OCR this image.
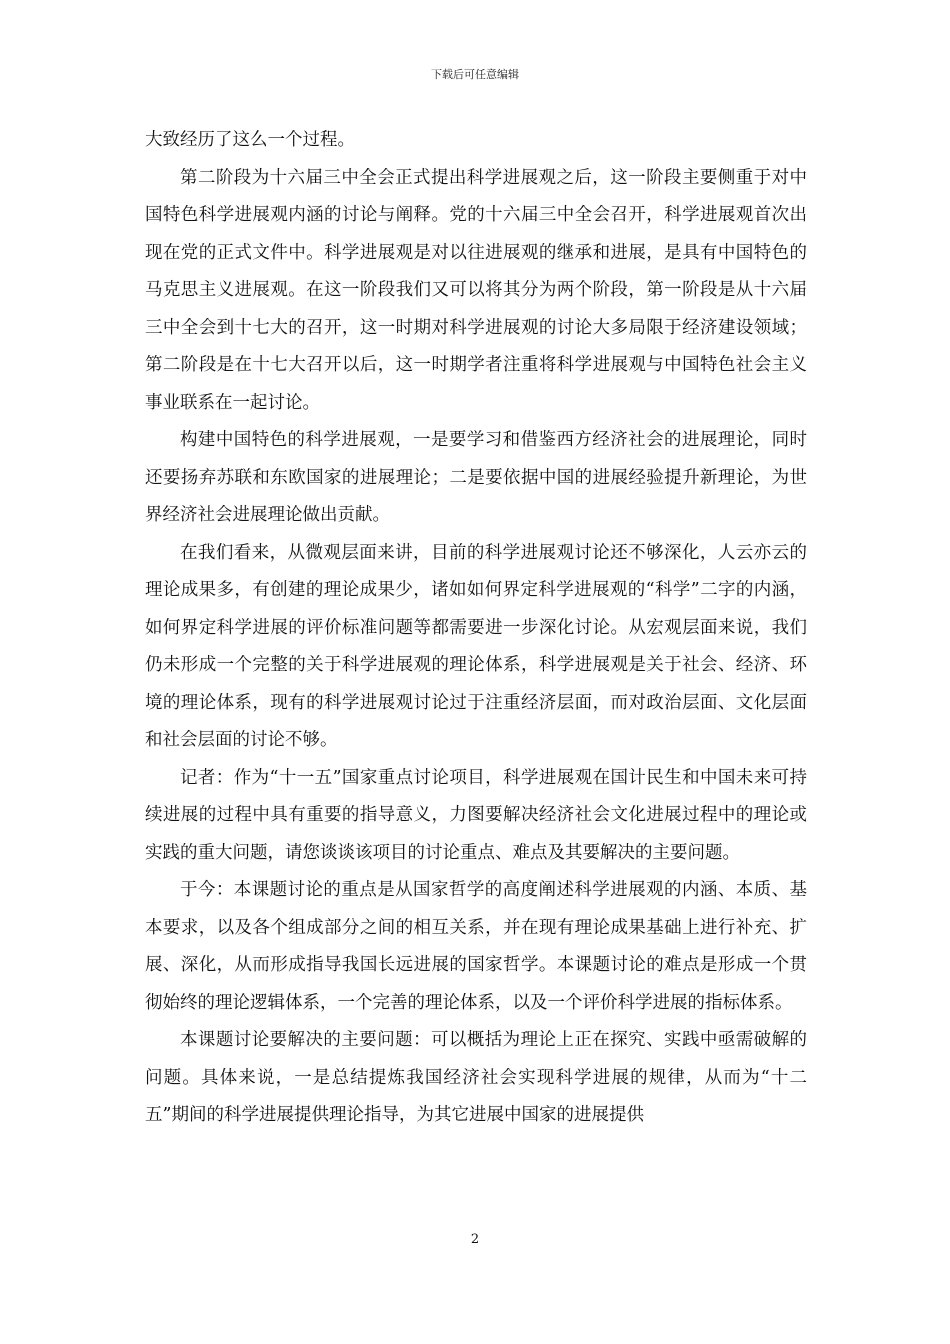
下载后可任意编辑

大致经历了这么一个过程。

第二阶段为十六届三中全会正式提出科学进展观之后，这一阶段主要侧重于对中国特色科学进展观内涵的讨论与阐释。党的十六届三中全会召开，科学进展观首次出现在党的正式文件中。科学进展观是对以往进展观的继承和进展，是具有中国特色的马克思主义进展观。在这一阶段我们又可以将其分为两个阶段，第一阶段是从十六届三中全会到十七大的召开，这一时期对科学进展观的讨论大多局限于经济建设领域；第二阶段是在十七大召开以后，这一时期学者注重将科学进展观与中国特色社会主义事业联系在一起讨论。

构建中国特色的科学进展观，一是要学习和借鉴西方经济社会的进展理论，同时还要扬弃苏联和东欧国家的进展理论；二是要依据中国的进展经验提升新理论，为世界经济社会进展理论做出贡献。

在我们看来，从微观层面来讲，目前的科学进展观讨论还不够深化，人云亦云的理论成果多，有创建的理论成果少，诸如如何界定科学进展观的“科学”二字的内涵，如何界定科学进展的评价标准问题等都需要进一步深化讨论。从宏观层面来说，我们仍未形成一个完整的关于科学进展观的理论体系，科学进展观是关于社会、经济、环境的理论体系，现有的科学进展观讨论过于注重经济层面，而对政治层面、文化层面和社会层面的讨论不够。

记者：作为“十一五”国家重点讨论项目，科学进展观在国计民生和中国未来可持续进展的过程中具有重要的指导意义，力图要解决经济社会文化进展过程中的理论或实践的重大问题，请您谈谈该项目的讨论重点、难点及其要解决的主要问题。

于今：本课题讨论的重点是从国家哲学的高度阐述科学进展观的内涵、本质、基本要求，以及各个组成部分之间的相互关系，并在现有理论成果基础上进行补充、扩展、深化，从而形成指导我国长远进展的国家哲学。本课题讨论的难点是形成一个贯彻始终的理论逻辑体系，一个完善的理论体系，以及一个评价科学进展的指标体系。

本课题讨论要解决的主要问题：可以概括为理论上正在探究、实践中亟需破解的问题。具体来说，一是总结提炼我国经济社会实现科学进展的规律，从而为“十二五”期间的科学进展提供理论指导，为其它进展中国家的进展提供

2
